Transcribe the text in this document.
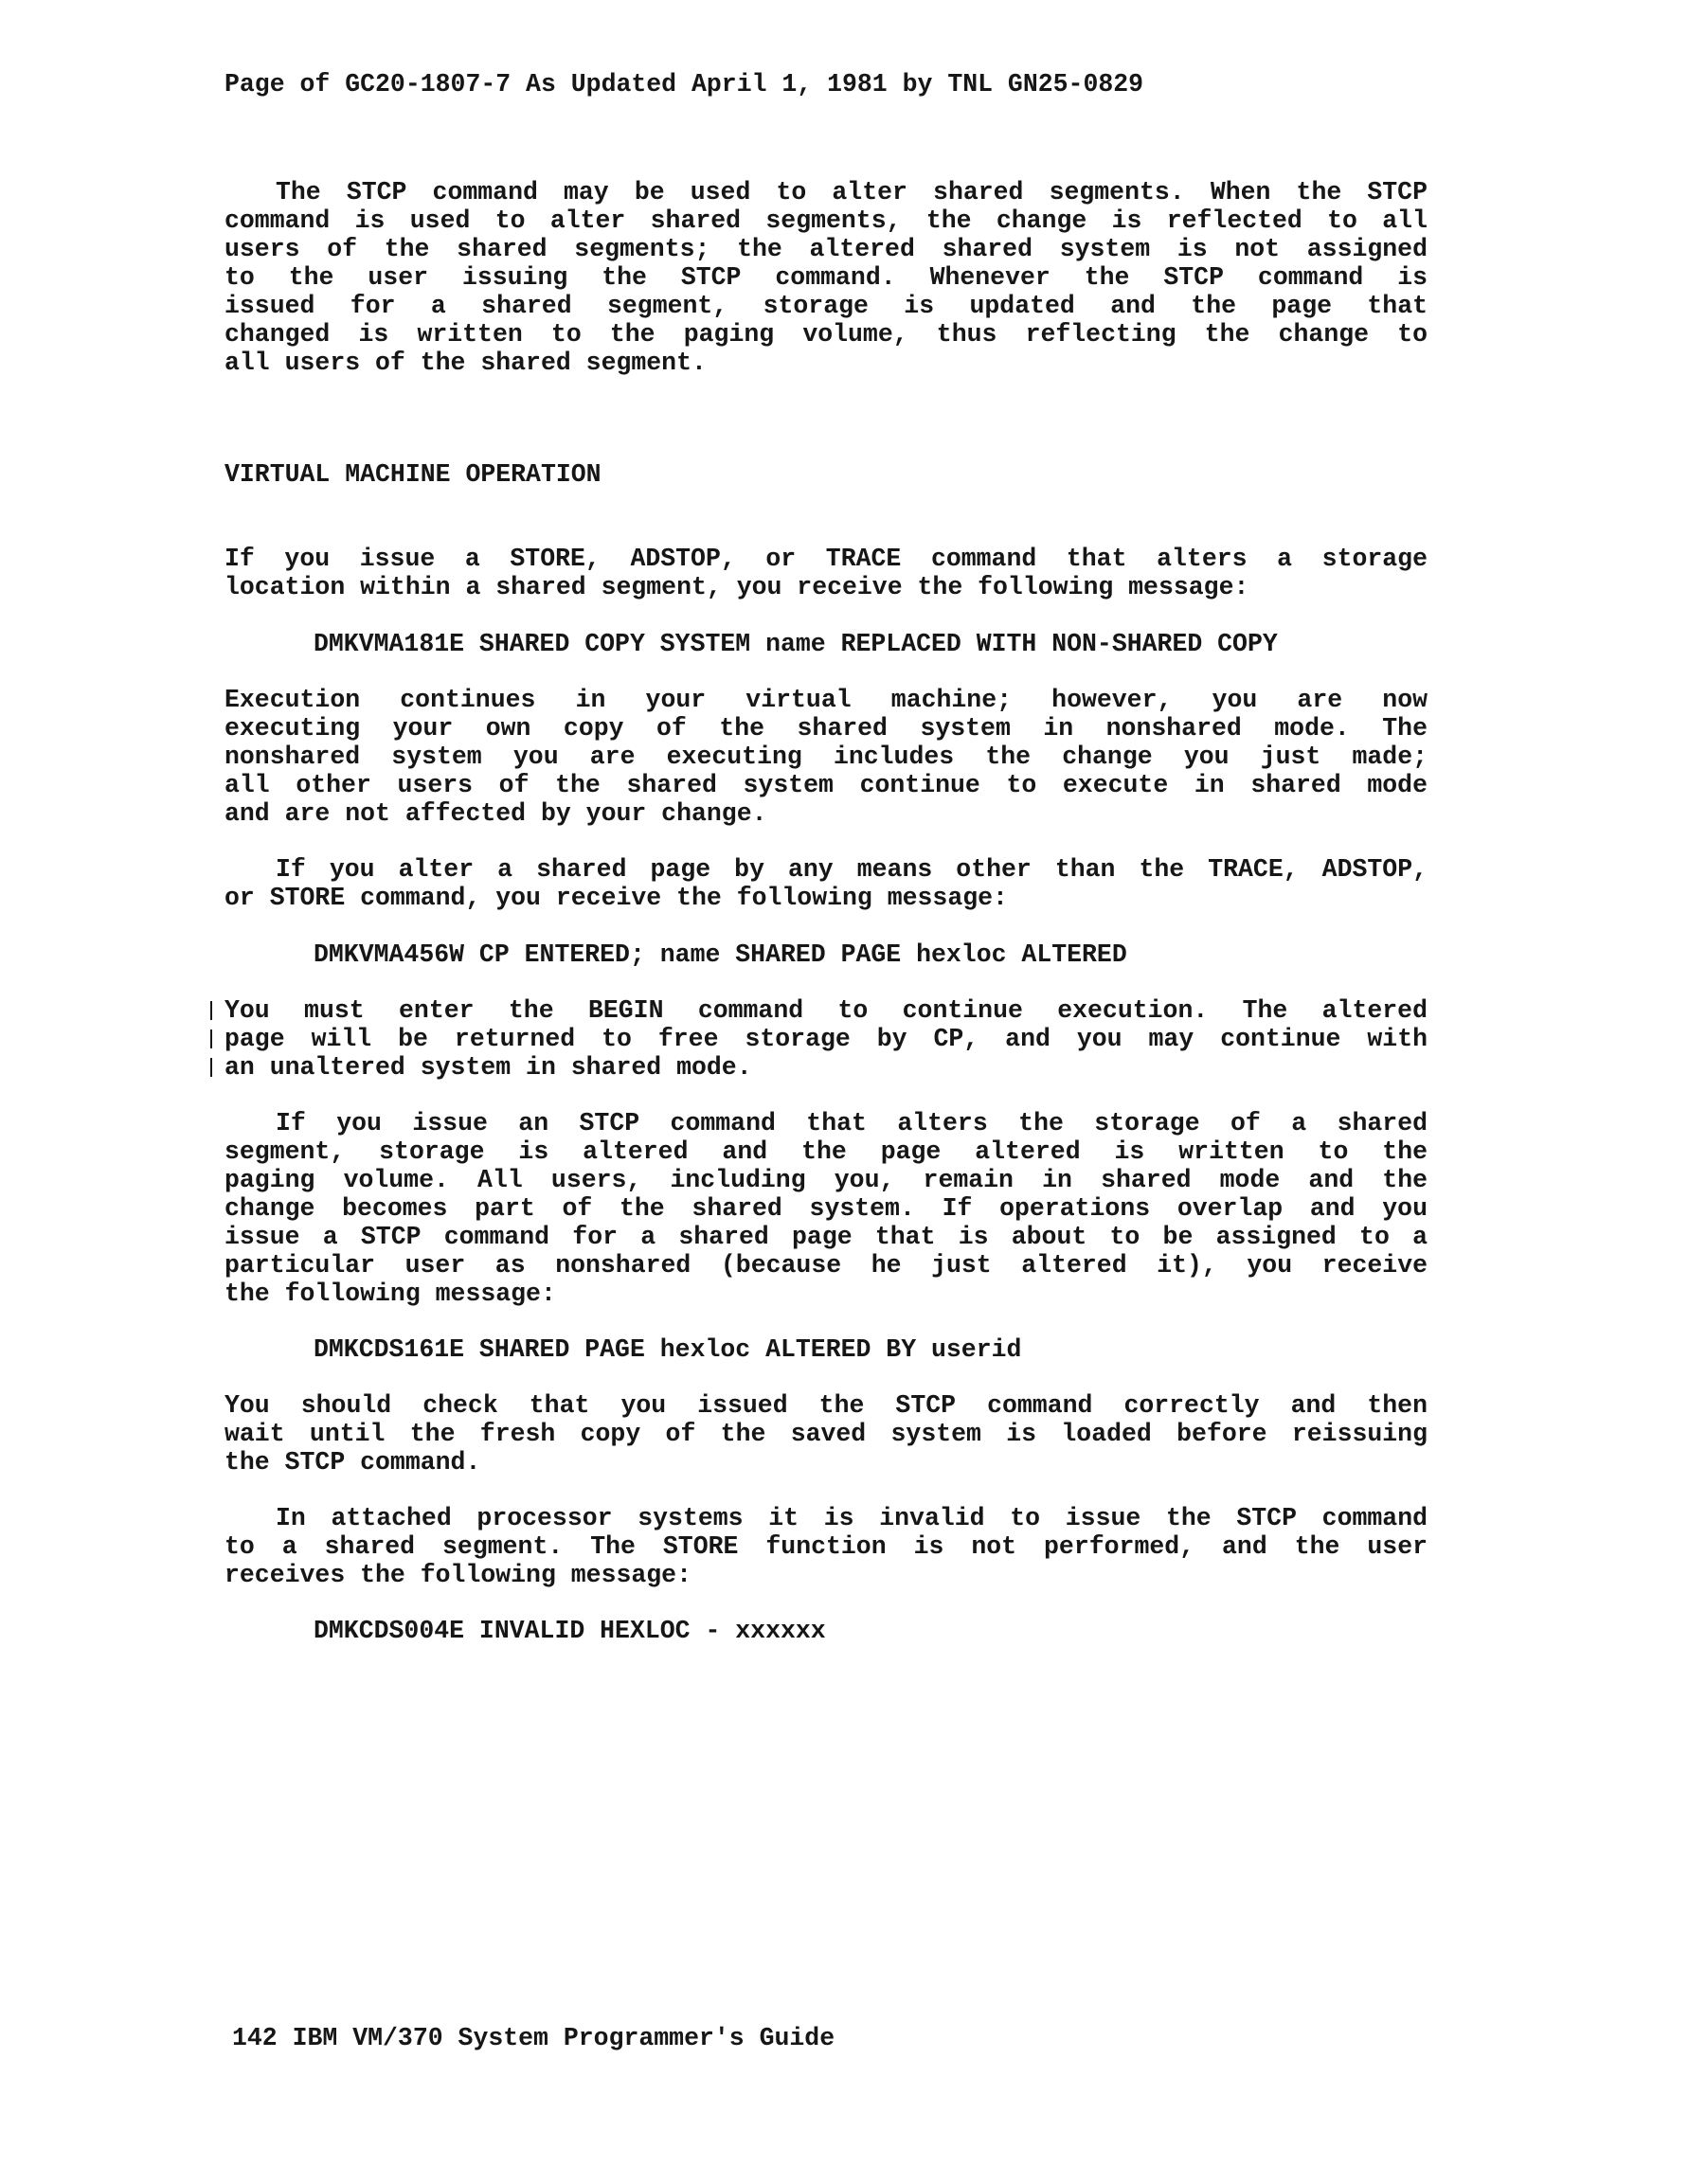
Page of GC20-1807-7 As Updated April 1, 1981 by TNL GN25-0829
The STCP command may be used to alter shared segments. When the STCP
command is used to alter shared segments, the change is reflected to all
users of the shared segments; the altered shared system is not assigned
to the user issuing the STCP command. Whenever the STCP command is
issued for a shared segment, storage is updated and the page that
changed is written to the paging volume, thus reflecting the change to
all users of the shared segment.
VIRTUAL MACHINE OPERATION
If you issue a STORE, ADSTOP, or TRACE command that alters a storage
location within a shared segment, you receive the following message:
DMKVMA181E SHARED COPY SYSTEM name REPLACED WITH NON-SHARED COPY
Execution continues in your virtual machine; however, you are now
executing your own copy of the shared system in nonshared mode. The
nonshared system you are executing includes the change you just made;
all other users of the shared system continue to execute in shared mode
and are not affected by your change.
If you alter a shared page by any means other than the TRACE, ADSTOP,
or STORE command, you receive the following message:
DMKVMA456W CP ENTERED; name SHARED PAGE hexloc ALTERED
You must enter the BEGIN command to continue execution. The altered
page will be returned to free storage by CP, and you may continue with
an unaltered system in shared mode.
If you issue an STCP command that alters the storage of a shared
segment, storage is altered and the page altered is written to the
paging volume. All users, including you, remain in shared mode and the
change becomes part of the shared system. If operations overlap and you
issue a STCP command for a shared page that is about to be assigned to a
particular user as nonshared (because he just altered it), you receive
the following message:
DMKCDS161E SHARED PAGE hexloc ALTERED BY userid
You should check that you issued the STCP command correctly and then
wait until the fresh copy of the saved system is loaded before reissuing
the STCP command.
In attached processor systems it is invalid to issue the STCP command
to a shared segment. The STORE function is not performed, and the user
receives the following message:
DMKCDS004E INVALID HEXLOC - xxxxxx
142 IBM VM/370 System Programmer's Guide
